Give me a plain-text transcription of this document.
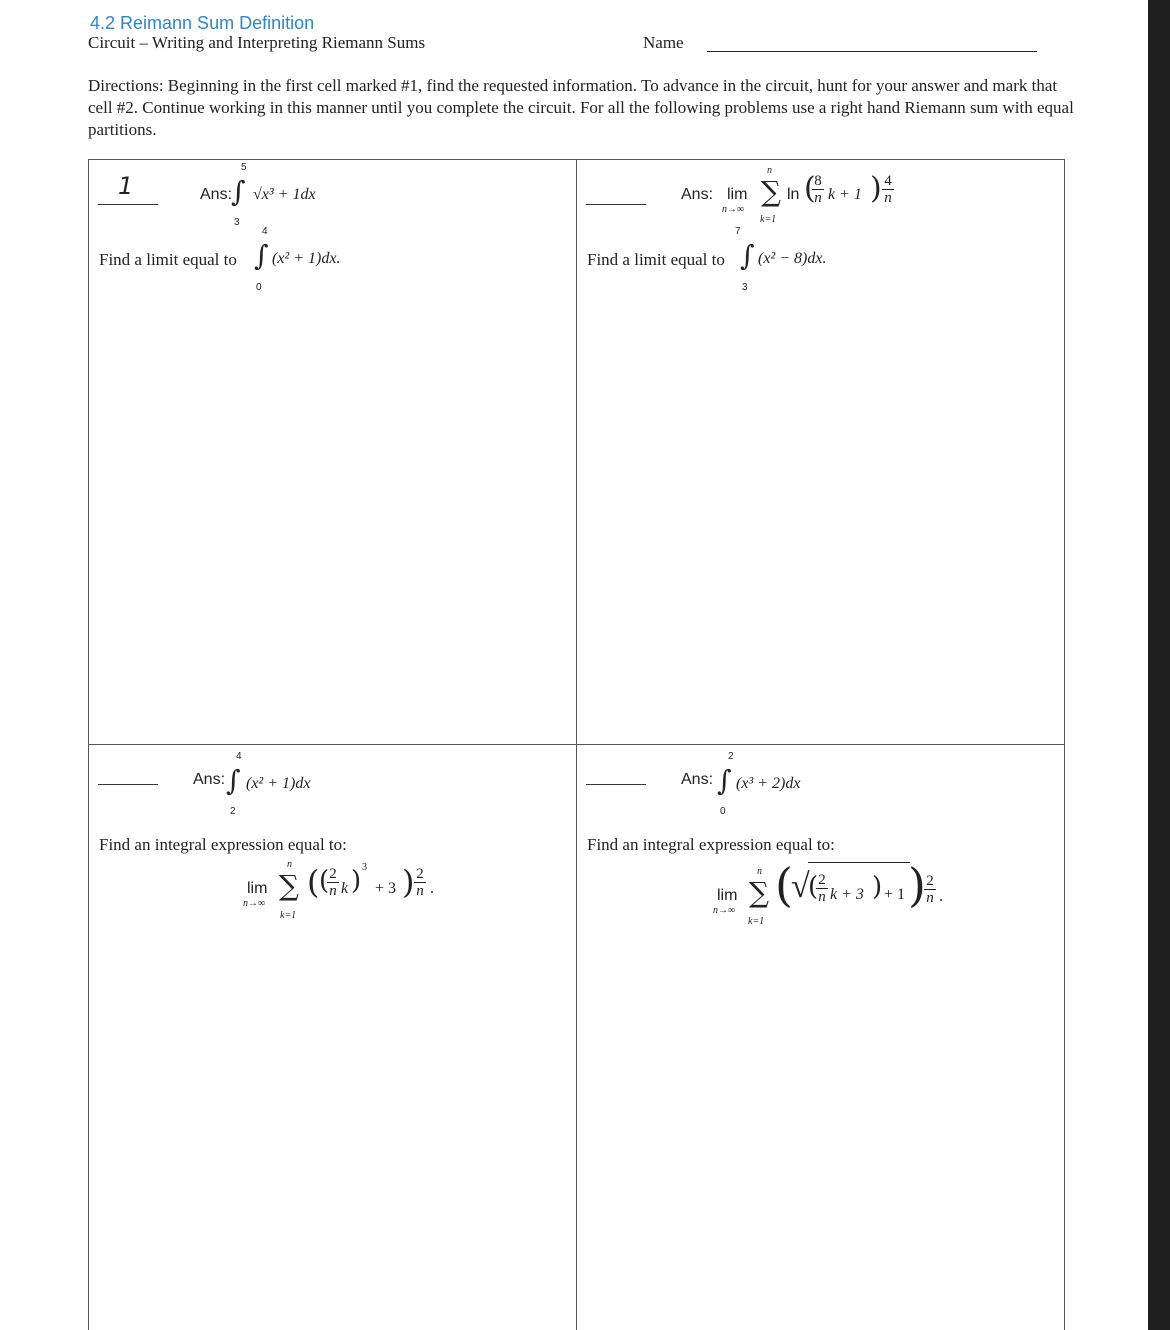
4.2 Reimann Sum Definition
Circuit – Writing and Interpreting Riemann Sums	Name
Directions: Beginning in the first cell marked #1, find the requested information. To advance in the circuit, hunt for your answer and mark that cell #2. Continue working in this manner until you complete the circuit. For all the following problems use a right hand Riemann sum with equal partitions.
1	Ans:
5
∫
3
√x³ + 1dx
Find a limit equal to
4
∫
0
(x² + 1)dx.
Ans: lim
n→∞
n
∑
k=1
ln (
$\frac{8}{n}$ k + 1 ) $\frac{4}{n}$
Find a limit equal to
7
∫
3
(x² − 8)dx.
Ans:
4
∫
2
(x² + 1)dx
Find an integral expression equal to:
lim
n→∞
n
∑
k=1
( (
$\frac{2}{n}$ k ) 3
+ 3 ) $\frac{2}{n}$ .
Ans:
2
∫
0
(x³ + 2)dx
Find an integral expression equal to:
lim
n→∞
n
∑
k=1
(
√
(
$\frac{2}{n}$ k + 3 ) + 1 )
$\frac{2}{n}$ .
